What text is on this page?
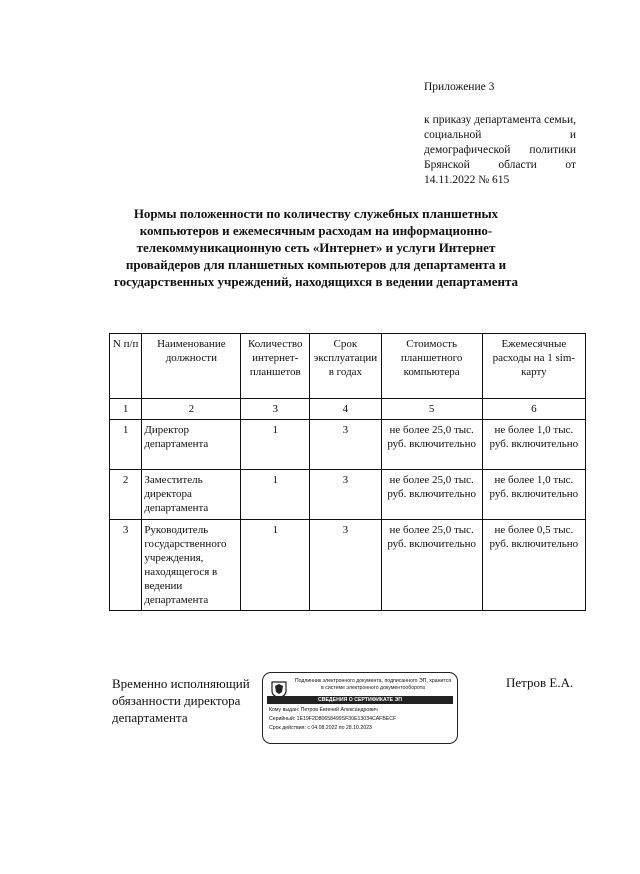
Приложение 3
к приказу департамента семьи, социальной и демографической политики Брянской области от 14.11.2022 № 615
Нормы положенности по количеству служебных планшетных компьютеров и ежемесячным расходам на информационно-телекоммуникационную сеть «Интернет» и услуги Интернет провайдеров для планшетных компьютеров для департамента и государственных учреждений, находящихся в ведении департамента
N п/п	Наименование должности	Количество интернет-планшетов	Срок эксплуатации в годах	Стоимость планшетного компьютера	Ежемесячные расходы на 1 sim-карту
1	2	3	4	5	6
1	Директор департамента	1	3	не более 25,0 тыс. руб. включительно	не более 1,0 тыс. руб. включительно
2	Заместитель директора департамента	1	3	не более 25,0 тыс. руб. включительно	не более 1,0 тыс. руб. включительно
3	Руководитель государственного учреждения, находящегося в ведении департамента	1	3	не более 25,0 тыс. руб. включительно	не более 0,5 тыс. руб. включительно
Временно исполняющий обязанности директора департамента
Подлинник электронного документа, подписанного ЭП, хранится в системе электронного документооборота
СВЕДЕНИЯ О СЕРТИФИКАТЕ ЭП
Кому выдан: Петров Евгений Александрович
Серийный: 1E19F2D80658499SF30E13034CAFBECF
Срок действия: с 04.08.2022 по 28.10.2023
Петров Е.А.
